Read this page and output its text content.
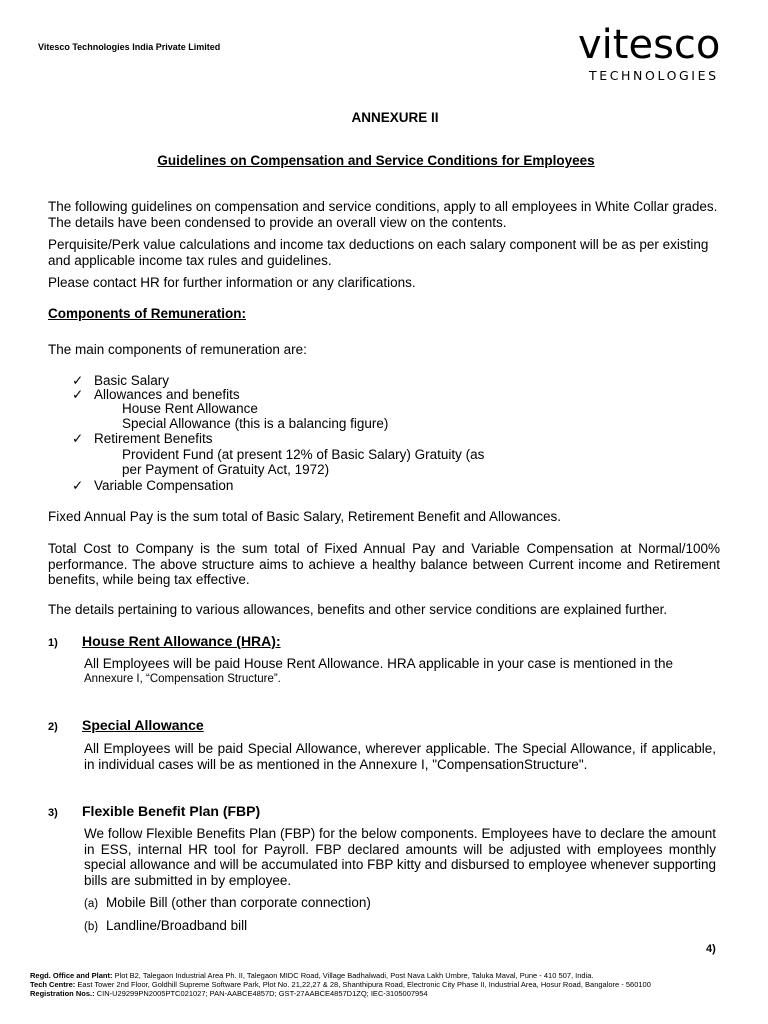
Vitesco Technologies India Private Limited	vitesco
TECHNOLOGIES
ANNEXURE II
Guidelines on Compensation and Service Conditions for Employees
The following guidelines on compensation and service conditions, apply to all employees in White Collar grades. The details have been condensed to provide an overall view on the contents.
Perquisite/Perk value calculations and income tax deductions on each salary component will be as per existing and applicable income tax rules and guidelines.
Please contact HR for further information or any clarifications.
Components of Remuneration:
The main components of remuneration are:
✓ Basic Salary
✓ Allowances and benefits
House Rent Allowance
Special Allowance (this is a balancing figure)
✓ Retirement Benefits
Provident Fund (at present 12% of Basic Salary) Gratuity (as
per Payment of Gratuity Act, 1972)
✓ Variable Compensation
Fixed Annual Pay is the sum total of Basic Salary, Retirement Benefit and Allowances.
Total Cost to Company is the sum total of Fixed Annual Pay and Variable Compensation at Normal/100% performance. The above structure aims to achieve a healthy balance between Current income and Retirement benefits, while being tax effective.
The details pertaining to various allowances, benefits and other service conditions are explained further.
1) House Rent Allowance (HRA):
All Employees will be paid House Rent Allowance. HRA applicable in your case is mentioned in the
Annexure I, “Compensation Structure”.
2) Special Allowance
All Employees will be paid Special Allowance, wherever applicable. The Special Allowance, if applicable, in individual cases will be as mentioned in the Annexure I, "CompensationStructure".
3) Flexible Benefit Plan (FBP)
We follow Flexible Benefits Plan (FBP) for the below components. Employees have to declare the amount in ESS, internal HR tool for Payroll. FBP declared amounts will be adjusted with employees monthly special allowance and will be accumulated into FBP kitty and disbursed to employee whenever supporting bills are submitted in by employee.
(a) Mobile Bill (other than corporate connection)
(b) Landline/Broadband bill
4)
Regd. Office and Plant: Plot B2, Talegaon Industrial Area Ph. II, Talegaon MIDC Road, Village Badhalwadi, Post Nava Lakh Umbre, Taluka Maval, Pune - 410 507, India.
Tech Centre: East Tower 2nd Floor, Goldhill Supreme Software Park, Plot No. 21,22,27 & 28, Shanthipura Road, Electronic City Phase II, Industrial Area, Hosur Road, Bangalore - 560100
Registration Nos.: CIN-U29299PN2005PTC021027; PAN-AABCE4857D; GST-27AABCE4857D1ZQ; IEC-3105007954
